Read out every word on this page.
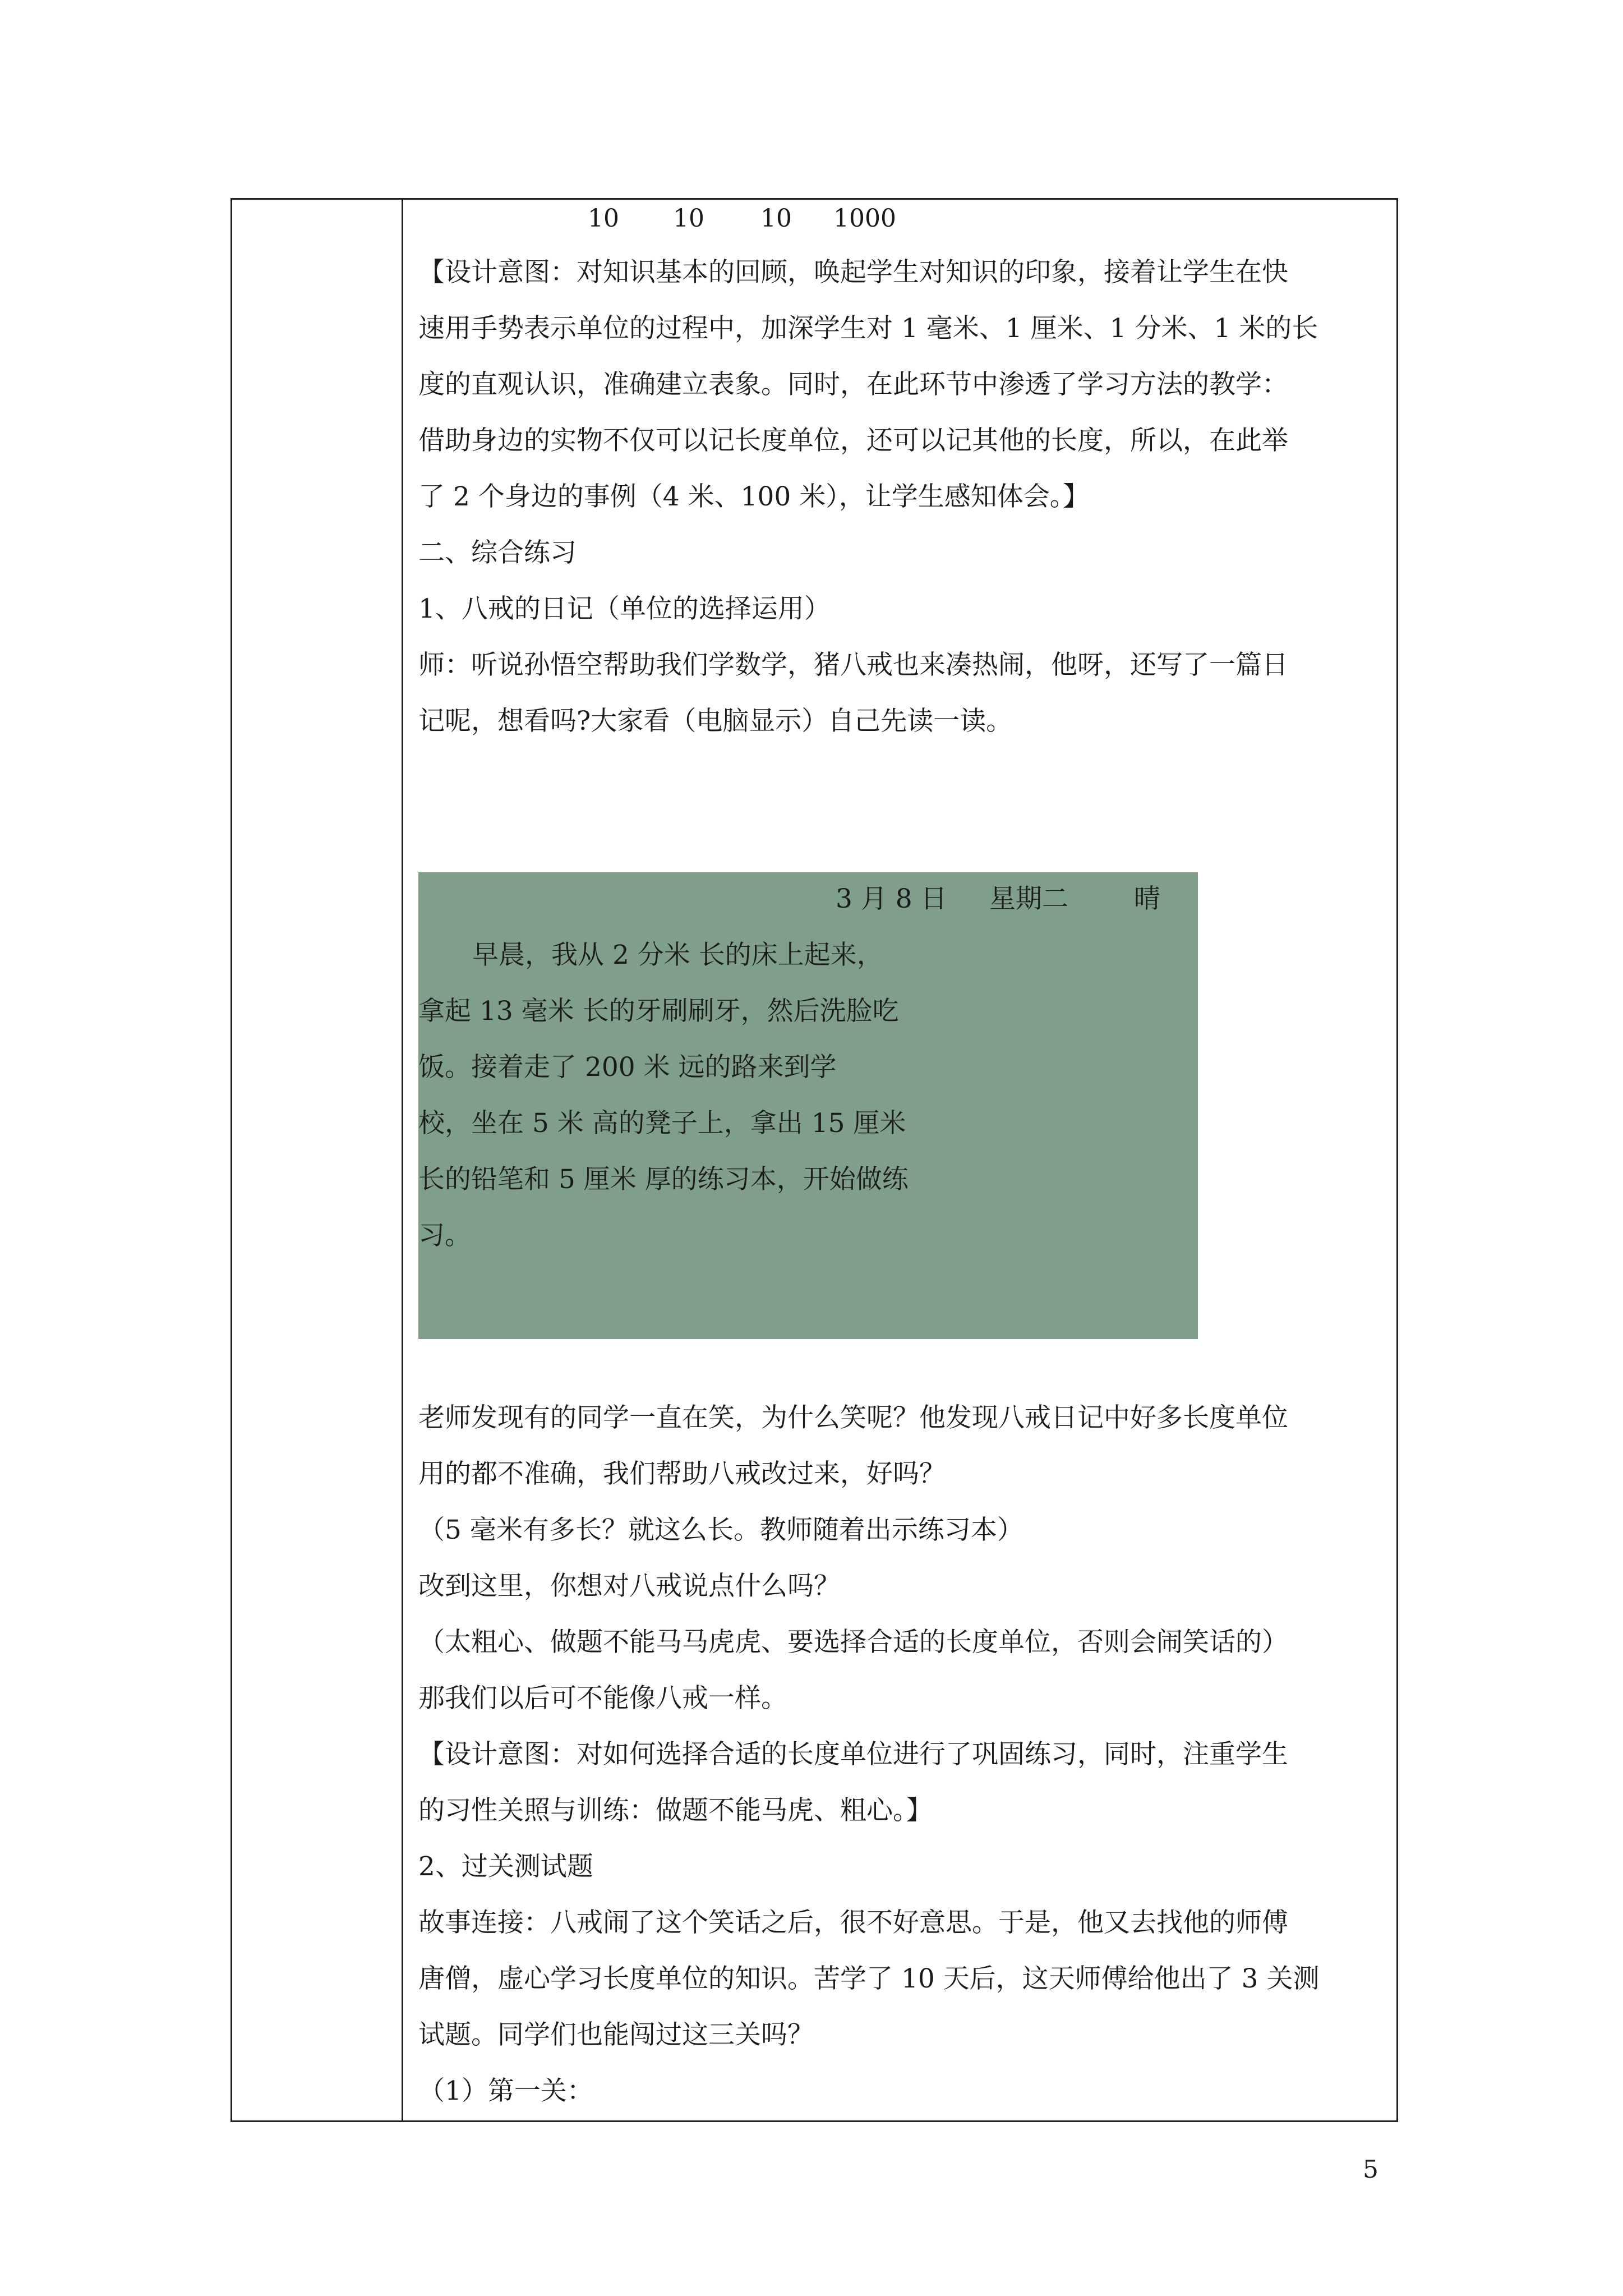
10 10 10 1000
【设计意图：对知识基本的回顾，唤起学生对知识的印象，接着让学生在快
速用手势表示单位的过程中，加深学生对 1 毫米、1 厘米、1 分米、1 米的长
度的直观认识，准确建立表象。同时，在此环节中渗透了学习方法的教学：
借助身边的实物不仅可以记长度单位，还可以记其他的长度，所以，在此举
了 2 个身边的事例（4 米、100 米），让学生感知体会。】
二、综合练习
1、八戒的日记（单位的选择运用）
师：听说孙悟空帮助我们学数学，猪八戒也来凑热闹，他呀，还写了一篇日
记呢，想看吗?大家看（电脑显示）自己先读一读。
3 月 8 日 星期二 晴
早晨，我从 2 分米 长的床上起来，
拿起 13 毫米 长的牙刷刷牙，然后洗脸吃
饭。接着走了 200 米 远的路来到学
校，坐在 5 米 高的凳子上，拿出 15 厘米
长的铅笔和 5 厘米 厚的练习本，开始做练
习。
老师发现有的同学一直在笑，为什么笑呢？他发现八戒日记中好多长度单位
用的都不准确，我们帮助八戒改过来，好吗？
（5 毫米有多长？就这么长。教师随着出示练习本）
改到这里，你想对八戒说点什么吗？
（太粗心、做题不能马马虎虎、要选择合适的长度单位，否则会闹笑话的）
那我们以后可不能像八戒一样。
【设计意图：对如何选择合适的长度单位进行了巩固练习，同时，注重学生
的习性关照与训练：做题不能马虎、粗心。】
2、过关测试题
故事连接：八戒闹了这个笑话之后，很不好意思。于是，他又去找他的师傅
唐僧，虚心学习长度单位的知识。苦学了 10 天后，这天师傅给他出了 3 关测
试题。同学们也能闯过这三关吗？
（1）第一关：
5
